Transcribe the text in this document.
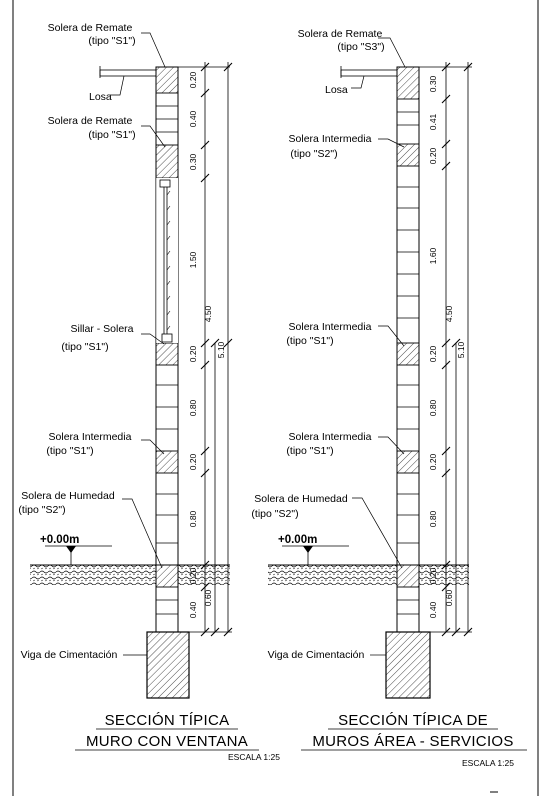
+0.00m
0.20
0.40
0.30
1.50
0.20
0.80
0.20
0.80
0.20
0.40
0.60
4.50
5.10
Solera de Remate
(tipo "S1")
Losa
Solera de Remate
(tipo "S1")
Sillar - Solera
(tipo "S1")
Solera Intermedia
(tipo "S1")
Solera de Humedad
(tipo "S2")
Viga de Cimentación
SECCIÓN TÍPICA
MURO CON VENTANA
ESCALA 1:25
+0.00m
0.30
0.41
0.20
1.60
0.20
0.80
0.20
0.80
0.20
0.40
0.60
4.50
5.10
Solera de Remate
(tipo "S3")
Losa
Solera Intermedia
(tipo "S2")
Solera Intermedia
(tipo "S1")
Solera Intermedia
(tipo "S1")
Solera de Humedad
(tipo "S2")
Viga de Cimentación
SECCIÓN TÍPICA DE
MUROS ÁREA - SERVICIOS
ESCALA 1:25
